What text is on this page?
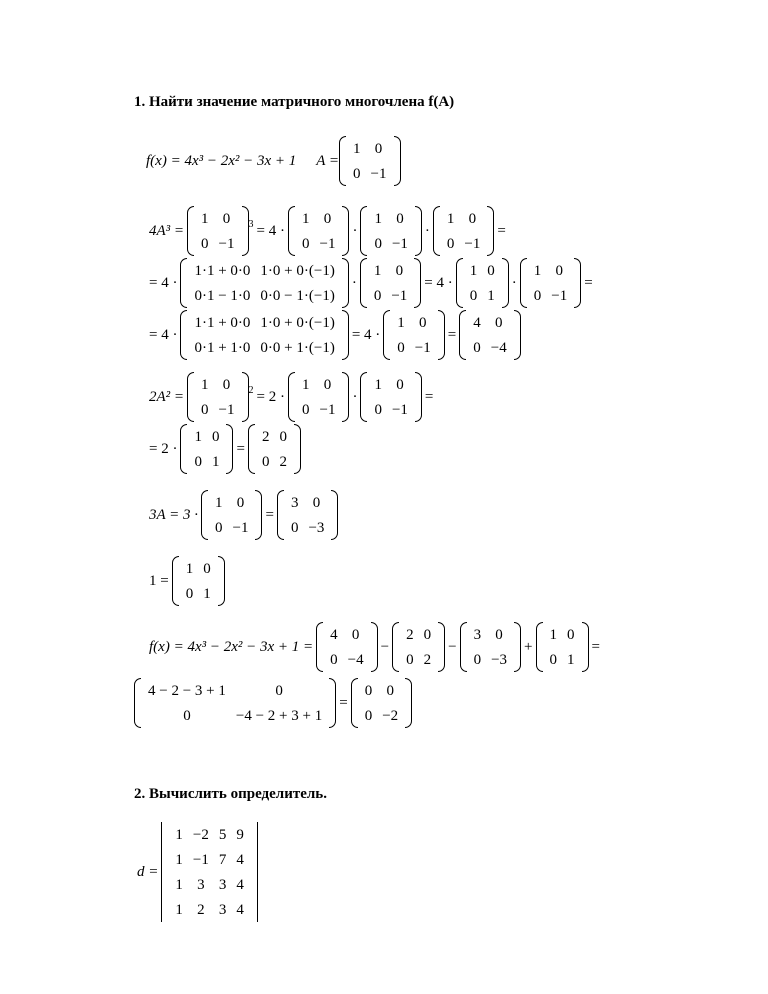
1. Найти значение матричного многочлена f(A)
f(x) = 4x³ − 2x² − 3x + 1 A =
1	0
0	−1
4A³ =
1	0
0	−1
3 = 4 ·
1	0
0	−1
·
1	0
0	−1
·
1	0
0	−1
=
= 4 ·
1·1 + 0·0	1·0 + 0·(−1)
0·1 − 1·0	0·0 − 1·(−1)
·
1	0
0	−1
= 4 ·
1	0
0	1
·
1	0
0	−1
=
= 4 ·
1·1 + 0·0	1·0 + 0·(−1)
0·1 + 1·0	0·0 + 1·(−1)
= 4 ·
1	0
0	−1
=
4	0
0	−4
2A² =
1	0
0	−1
2 = 2 ·
1	0
0	−1
·
1	0
0	−1
=
= 2 ·
1	0
0	1
=
2	0
0	2
3A = 3 ·
1	0
0	−1
=
3	0
0	−3
1 =
1	0
0	1
f(x) = 4x³ − 2x² − 3x + 1 =
4	0
0	−4
−
2	0
0	2
−
3	0
0	−3
+
1	0
0	1
=
4 − 2 − 3 + 1	0
0	−4 − 2 + 3 + 1
=
0	0
0	−2
2. Вычислить определитель.
d =
1	−2	5	9
1	−1	7	4
1	3	3	4
1	2	3	4
